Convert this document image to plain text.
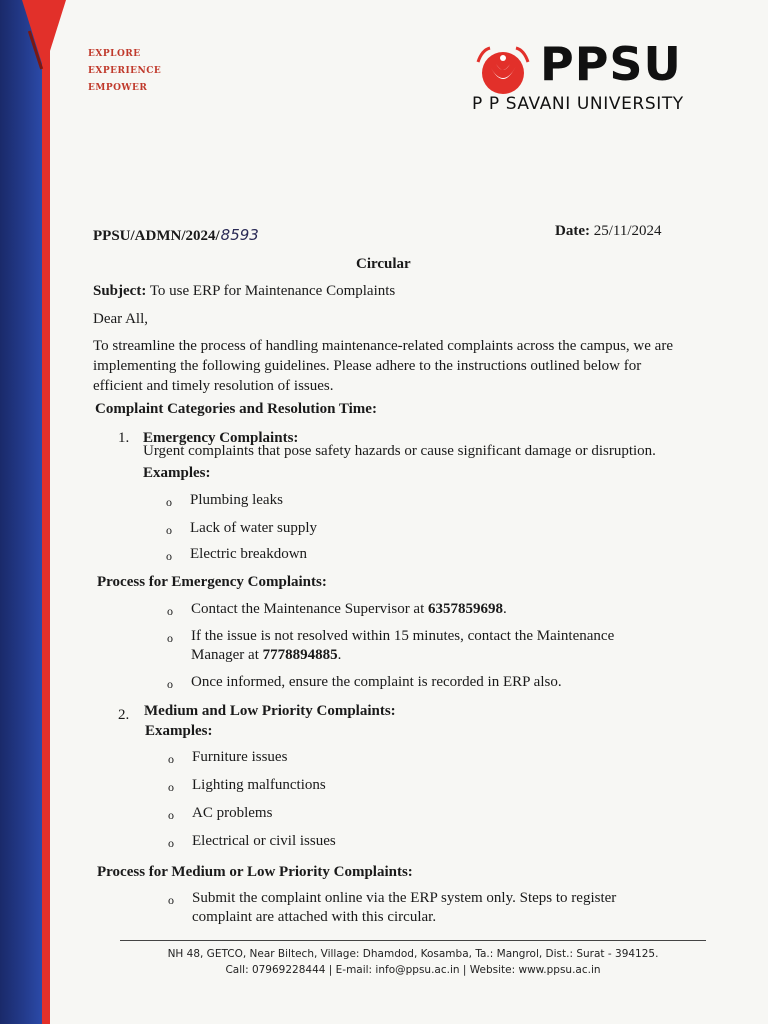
EXPLORE
EXPERIENCE
EMPOWER	PPSU
P P SAVANI UNIVERSITY
PPSU/ADMN/2024/8593	Date: 25/11/2024
Circular
Subject: To use ERP for Maintenance Complaints
Dear All,
To streamline the process of handling maintenance-related complaints across the campus, we are implementing the following guidelines. Please adhere to the instructions outlined below for efficient and timely resolution of issues.
Complaint Categories and Resolution Time:
1. Emergency Complaints:
Urgent complaints that pose safety hazards or cause significant damage or disruption.
Examples:
o Plumbing leaks
o Lack of water supply
o Electric breakdown
Process for Emergency Complaints:
o Contact the Maintenance Supervisor at 6357859698.
o If the issue is not resolved within 15 minutes, contact the Maintenance
Manager at 7778894885.
o Once informed, ensure the complaint is recorded in ERP also.
2. Medium and Low Priority Complaints:
Examples:
o Furniture issues
o Lighting malfunctions
o AC problems
o Electrical or civil issues
Process for Medium or Low Priority Complaints:
o Submit the complaint online via the ERP system only. Steps to register
complaint are attached with this circular.
NH 48, GETCO, Near Biltech, Village: Dhamdod, Kosamba, Ta.: Mangrol, Dist.: Surat - 394125.
Call: 07969228444 | E-mail: info@ppsu.ac.in | Website: www.ppsu.ac.in
